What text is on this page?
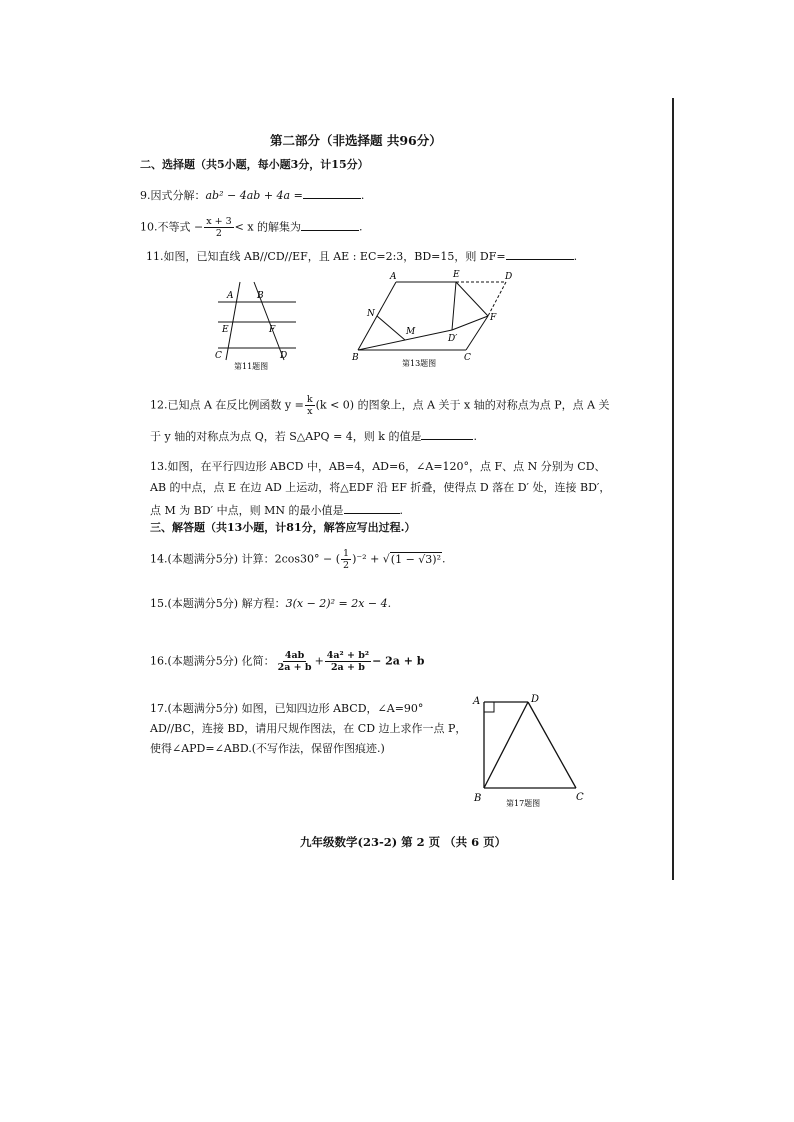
第二部分（非选择题 共96分）
二、选择题（共5小题，每小题3分，计15分）
9.因式分解：ab² − 4ab + 4a =	.
10.不等式 − $\frac{x + 3}{2} < x$ 的解集为	.
11.如图，已知直线 AB//CD//EF，且 AE : EC=2:3，BD=15，则 DF=	.
A	B
E	F
C	D
第11题图
A	E	D
N
M
D′
F
B	C
第13题图
12.已知点 A 在反比例函数 $y = \frac{k}{x} (k < 0)$ 的图象上，点 A 关于 x 轴的对称点为点 P，点 A 关
于 y 轴的对称点为点 Q，若 S△APQ = 4，则 k 的值是	.
13.如图，在平行四边形 ABCD 中，AB=4，AD=6，∠A=120°，点 F、点 N 分别为 CD、
AB 的中点，点 E 在边 AD 上运动，将△EDF 沿 EF 折叠，使得点 D 落在 D′ 处，连接 BD′，
点 M 为 BD′ 中点，则 MN 的最小值是	.
三、解答题（共13小题，计81分，解答应写出过程.）
14.(本题满分5分) 计算：2cos30° − ( $\frac{1}{2} )^{-2} + √(1 - √3)^2$.
15.(本题满分5分) 解方程：3(x − 2)² = 2x − 4.
16.(本题满分5分) 化简： $\frac{4ab}{2a + b} + \frac{\text{4a² + b²}}{2a + b} - 2a + b$
17.(本题满分5分) 如图，已知四边形 ABCD，∠A=90°
AD//BC，连接 BD，请用尺规作图法，在 CD 边上求作一点 P，
使得∠APD=∠ABD.(不写作法，保留作图痕迹.)
A	D
B	C
第17题图
九年级数学(23-2) 第 2 页 （共 6 页）
